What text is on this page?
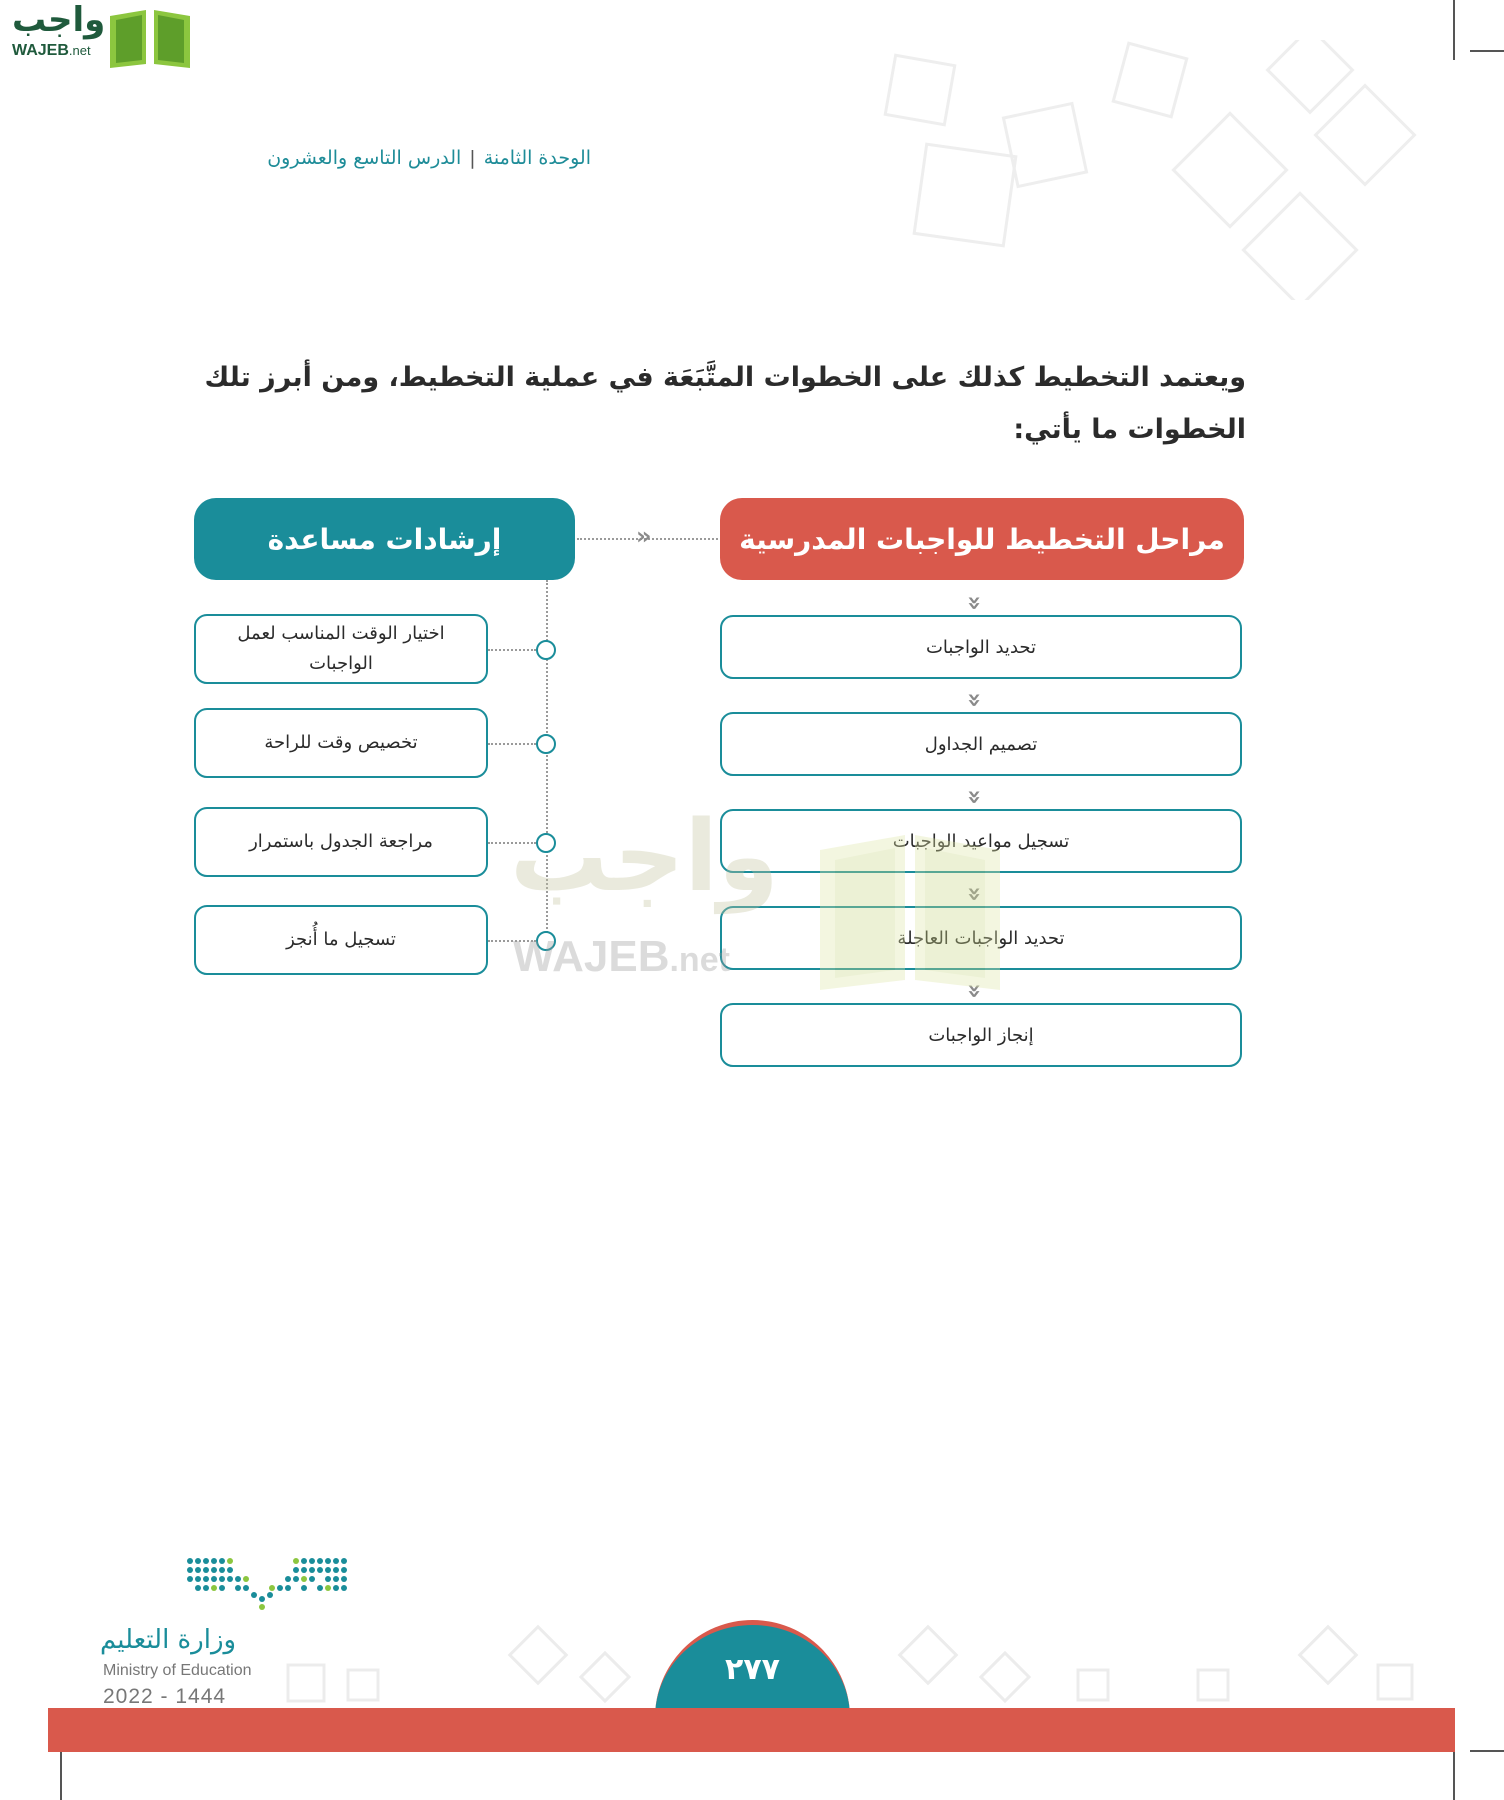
واجب
WAJEB.net
الوحدة الثامنة|الدرس التاسع والعشرون
ويعتمد التخطيط كذلك على الخطوات المتَّبَعَة في عملية التخطيط، ومن أبرز تلك الخطوات ما يأتي:
مراحل التخطيط للواجبات المدرسية
إرشادات مساعدة	»
»
تحديد الواجبات
»
تصميم الجداول
»
تسجيل مواعيد الواجبات
»
تحديد الواجبات العاجلة
»
إنجاز الواجبات
اختيار الوقت المناسب لعمل الواجبات
تخصيص وقت للراحة
مراجعة الجدول باستمرار
تسجيل ما أُنجز
واجب
WAJEB.net
وزارة التعليم
Ministry of Education
2022 - 1444
٢٧٧
